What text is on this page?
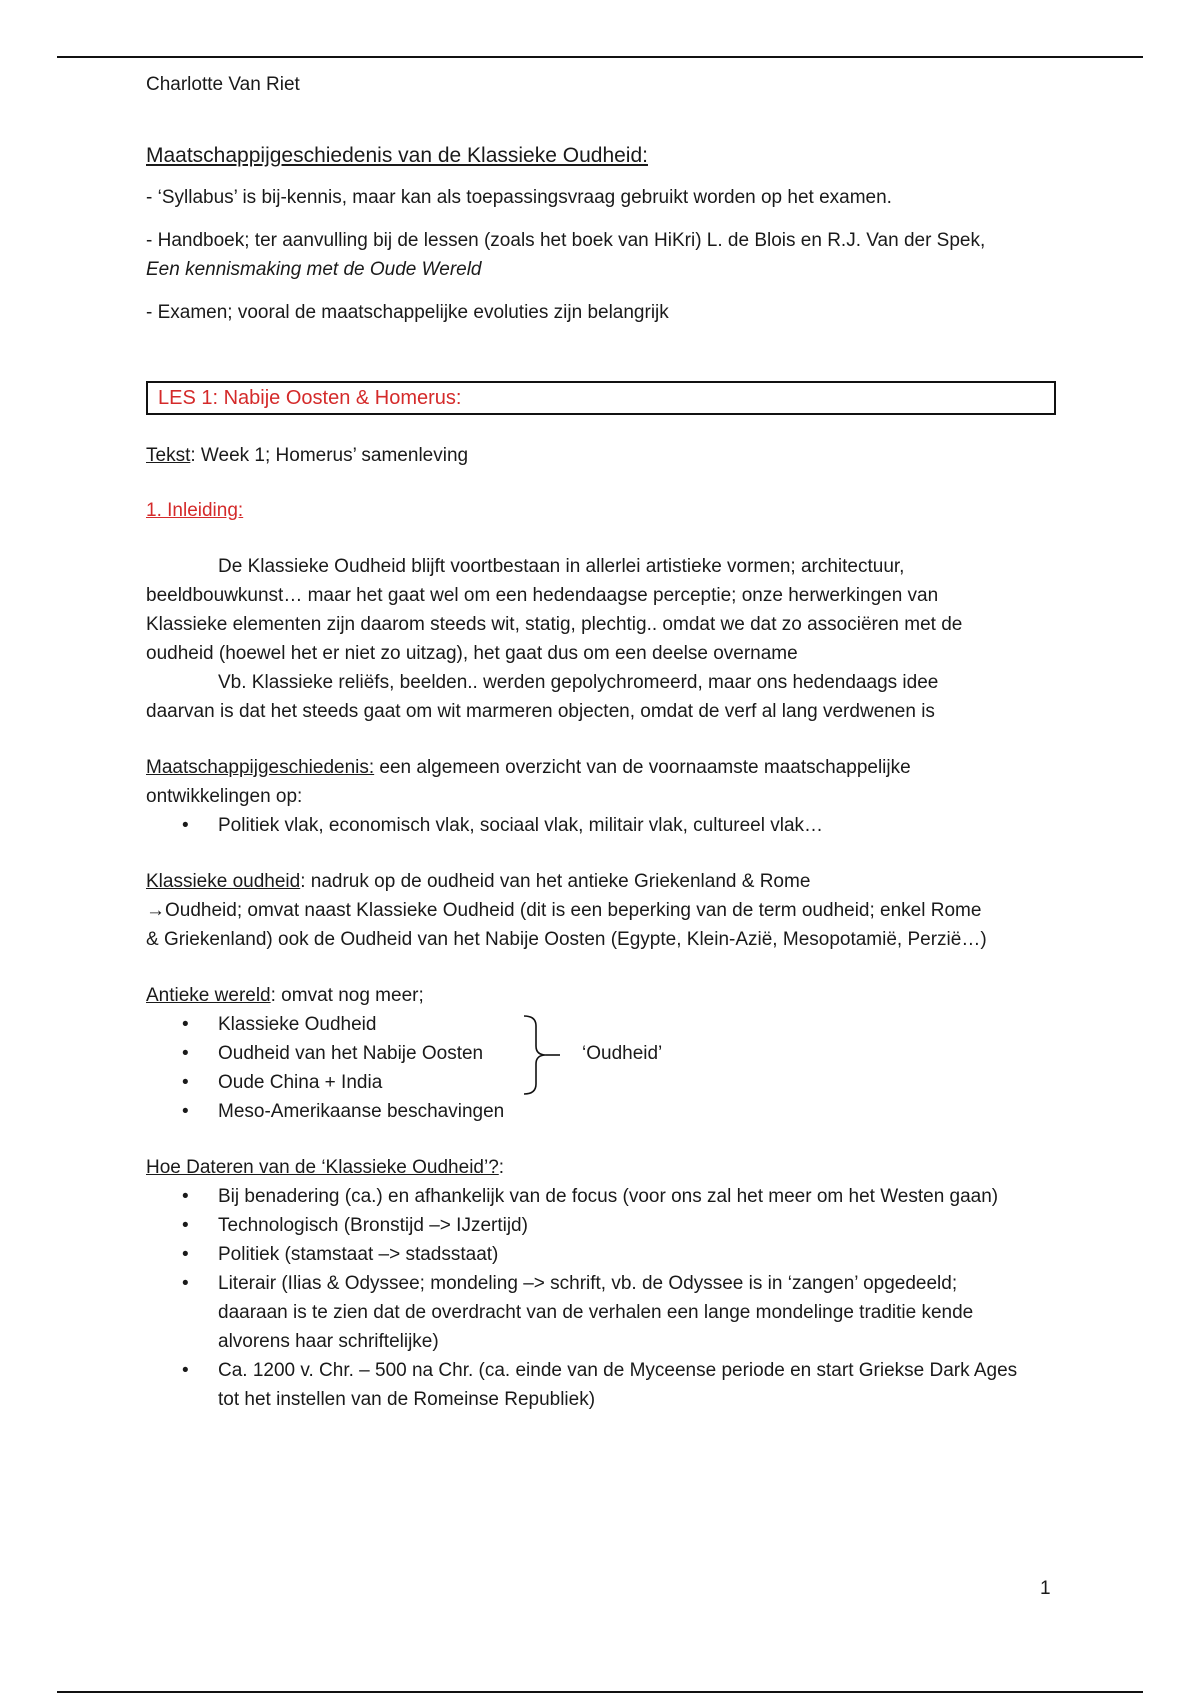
Charlotte Van Riet

Maatschappijgeschiedenis van de Klassieke Oudheid:

- ‘Syllabus’ is bij-kennis, maar kan als toepassingsvraag gebruikt worden op het examen.

- Handboek; ter aanvulling bij de lessen (zoals het boek van HiKri) L. de Blois en R.J. Van der Spek,
Een kennismaking met de Oude Wereld

- Examen; vooral de maatschappelijke evoluties zijn belangrijk

LES 1: Nabije Oosten & Homerus:

Tekst: Week 1; Homerus’ samenleving

1. Inleiding:

De Klassieke Oudheid blijft voortbestaan in allerlei artistieke vormen; architectuur,

beeldbouwkunst… maar het gaat wel om een hedendaagse perceptie; onze herwerkingen van

Klassieke elementen zijn daarom steeds wit, statig, plechtig.. omdat we dat zo associëren met de

oudheid (hoewel het er niet zo uitzag), het gaat dus om een deelse overname

Vb. Klassieke reliëfs, beelden.. werden gepolychromeerd, maar ons hedendaags idee

daarvan is dat het steeds gaat om wit marmeren objecten, omdat de verf al lang verdwenen is

Maatschappijgeschiedenis: een algemeen overzicht van de voornaamste maatschappelijke

ontwikkelingen op:

• Politiek vlak, economisch vlak, sociaal vlak, militair vlak, cultureel vlak…

Klassieke oudheid: nadruk op de oudheid van het antieke Griekenland & Rome

→Oudheid; omvat naast Klassieke Oudheid (dit is een beperking van de term oudheid; enkel Rome

& Griekenland) ook de Oudheid van het Nabije Oosten (Egypte, Klein-Azië, Mesopotamië, Perzië…)

Antieke wereld: omvat nog meer;

• Klassieke Oudheid
• Oudheid van het Nabije Oosten
• Oude China + India
• Meso-Amerikaanse beschavingen
‘Oudheid’

Hoe Dateren van de ‘Klassieke Oudheid’?:

• Bij benadering (ca.) en afhankelijk van de focus (voor ons zal het meer om het Westen gaan)
• Technologisch (Bronstijd –> IJzertijd)
• Politiek (stamstaat –> stadsstaat)
• Literair (Ilias & Odyssee; mondeling –> schrift, vb. de Odyssee is in ‘zangen’ opgedeeld;
daaraan is te zien dat de overdracht van de verhalen een lange mondelinge traditie kende
alvorens haar schriftelijke)
• Ca. 1200 v. Chr. – 500 na Chr. (ca. einde van de Myceense periode en start Griekse Dark Ages
tot het instellen van de Romeinse Republiek)
1
